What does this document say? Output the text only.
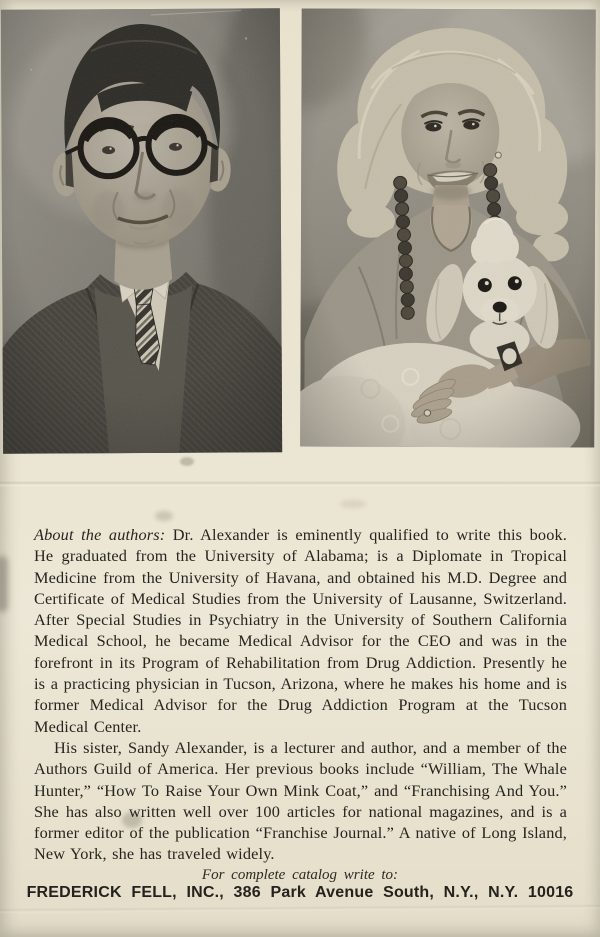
About the authors: Dr. Alexander is eminently qualified to write this book. He graduated from the University of Alabama; is a Diplomate in Tropical Medicine from the University of Havana, and obtained his M.D. Degree and Certificate of Medical Studies from the University of Lausanne, Switzerland. After Special Studies in Psychiatry in the University of Southern California Medical School, he became Medical Advisor for the CEO and was in the forefront in its Program of Rehabilitation from Drug Addiction. Presently he is a practicing physician in Tucson, Arizona, where he makes his home and is former Medical Advisor for the Drug Addiction Program at the Tucson Medical Center.

His sister, Sandy Alexander, is a lecturer and author, and a member of the Authors Guild of America. Her previous books include “William, The Whale Hunter,” “How To Raise Your Own Mink Coat,” and “Franchising And You.” She has also written well over 100 articles for national magazines, and is a former editor of the publication “Franchise Journal.” A native of Long Island, New York, she has traveled widely.

For complete catalog write to:
FREDERICK FELL, INC., 386 Park Avenue South, N.Y., N.Y. 10016
